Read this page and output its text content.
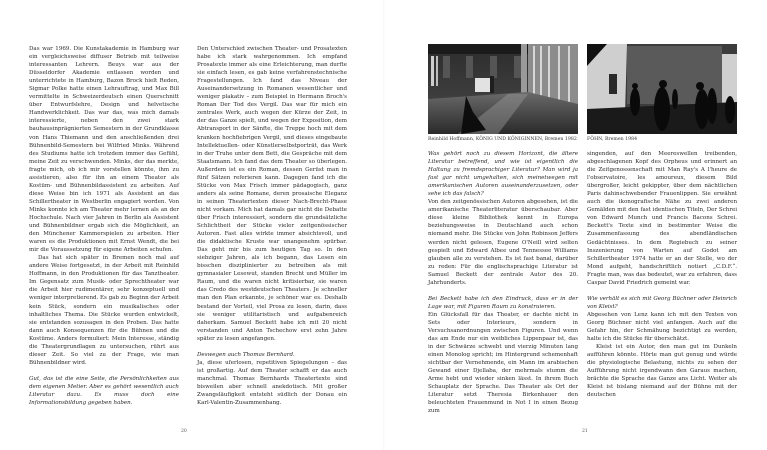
Das war 1969. Die Kunstakademie in Hamburg war ein vergleichsweise diffuser Betrieb mit teilweise interessanten Lehrern. Beuys war aus der Düsseldorfer Akademie entlassen worden und unterrichtete in Hamburg, Bazon Brock hielt Reden, Sigmar Polke hatte einen Lehrauftrag, und Max Bill vermittelte in Schweizerdeutsch einen Querschnitt über Entwurfslehre, Design und helvetische Handwerklichkeit. Das war das, was mich damals interessierte, neben den zwei stark bauhausinprägnierten Semestern in der Grundklasse von Hans Thiemann und den anschließenden drei Bühnenbild-Semestern bei Wilfried Minks. Während des Studiums hatte ich trotzdem immer das Gefühl, meine Zeit zu verschwenden. Minks, der das merkte, fragte mich, ob ich mir vorstellen könnte, ihm zu assistieren, also für ihn an einem Theater als Kostüm- und Bühnenbildassistent zu arbeiten. Auf diese Weise bin ich 1971 als Assistent an das Schillertheater in Westberlin engagiert worden. Von Minks konnte ich am Theater mehr lernen als an der Hochschule. Nach vier Jahren in Berlin als Assistent und Bühnenbildner ergab sich die Möglichkeit, an den Münchener Kammerspielen zu arbeiten. Hier waren es die Produktionen mit Ernst Wendt, die bei mir die Voraussetzung für eigene Arbeiten schufen.

Das hat sich später in Bremen noch mal auf andere Weise fortgesetzt, in der Arbeit mit Reinhild Hoffmann, in den Produktionen für das Tanztheater. Im Gegensatz zum Musik- oder Sprechtheater war die Arbeit hier rudimentärer, sehr konzeptuell und weniger interpretierend. Es gab zu Beginn der Arbeit kein Stück, sondern ein musikalisches oder inhaltliches Thema. Die Stücke wurden entwickelt, sie entstanden sozusagen in den Proben. Das hatte dann auch Konsequenzen für die Bühnen und die Kostüme. Anders formuliert: Mein Interesse, ständig die Theatergrundlagen zu untersuchen, rührt aus dieser Zeit. So viel zu der Frage, wie man Bühnenbildner wird.

Gut, das ist die eine Seite, die Persönlichkeiten aus dem eigenen Metier. Aber es gehört wesentlich auch Literatur dazu. Es muss doch eine Informationsbildung gegeben haben.

Den Unterschied zwischen Theater- und Prosatexten habe ich stark wahrgenommen. Ich empfand Prosatexte immer als eine Erleichterung, man durfte sie einfach lesen, es gab keine verfahrenstechnische Fragestellungen. Ich fand das Niveau der Auseinandersetzung in Romanen wesentlicher und weniger plakativ – zum Beispiel in Hermann Broch's Roman Der Tod des Vergil. Das war für mich ein zentrales Werk, auch wegen der Kürze der Zeit, in der das Ganze spielt, und wegen der Exposition, dem Abtransport in der Sänfte, die Treppe hoch mit dem kranken hochfiebrigen Vergil, und dieses eingebaute Intellektuellen- oder Künstlerselbstporträt, das Werk in der Truhe unter dem Bett, die Gespräche mit dem Staatsmann. Ich fand das dem Theater so überlegen. Außerdem ist es ein Roman, dessen Gerüst man in fünf Sätzen referieren kann. Dagegen fand ich die Stücke von Max Frisch immer pädagogisch, ganz anders als seine Romane, deren prosaische Eleganz in seinen Theatertexten dieser Nach-Brecht-Phase nicht vorkam. Mich hat damals gar nicht die Debatte über Frisch interessiert, sondern die grundsätzliche Schlichtheit der Stücke vieler zeitgenössischer Autoren. Fast alles wirkte immer absichtsvoll, und die didaktische Kruste war unangenehm spürbar. Das geht mir bis zum heutigen Tag so. In den siebziger Jahren, als ich begann, das Lesen ein bisschen disziplinierter zu betreiben als mit gymnasialer Lesewut, standen Brecht und Müller im Raum, und die waren nicht kritisierbar, sie waren das Credo des westdeutschen Theaters. Je schneller man den Plan erkannte, je schöner war es. Deshalb bestand der Vorteil, viel Prosa zu lesen, darin, dass sie weniger utilitaristisch und aufgabenreich daherkam. Samuel Beckett habe ich mit 20 nicht verstanden und Anton Tschechow erst zehn Jahre später zu lesen angefangen.

Deswegen auch Thomas Bernhard.

Ja, diese uferlosen, repetitiven Spiegelungen – das ist großartig. Auf dem Theater schafft er das auch manchmal. Thomas Bernhards Theatertexte sind bisweilen aber schnell anekdotisch. Mit großer Zwangsläufigkeit entsteht südlich der Donau ein Karl-Valentin-Zusammenhang.

20
Reinhild Hoffmann, KÖNIG UND KÖNIGINNEN, Bremen 1982 FÖHN, Bremen 1984

Was gehört noch zu diesem Horizont, die ältere Literatur betreffend, und wie ist eigentlich die Haltung zu fremdsprachiger Literatur? Man wird ja fast gar nicht umgehalten, sich meinetwegen mit amerikanischen Autoren auseinanderzusetzen, oder sehe ich das falsch?

Von den zeitgenössischen Autoren abgesehen, ist die amerikanische Theaterliteratur überschaubar. Aber diese kleine Bibliothek kennt in Europa beziehungsweise in Deutschland auch schon niemand mehr. Die Stücke von John Robinson Jeffers werden nicht gelesen, Eugene O'Neill wird selten gespielt und Edward Albee und Tennessee Williams glauben alle zu verstehen. Es ist fast banal, darüber zu reden: Für die englischsprachige Literatur ist Samuel Beckett der zentrale Autor des 20. Jahrhunderts.

Bei Beckett habe ich den Eindruck, dass er in der Lage war, mit Figuren Raum zu konstruieren.

Ein Glücksfall für das Theater, er dachte nicht in Sets oder Interieurs, sondern in Versuchsanordnungen zwischen Figuren. Und wenn das am Ende nur ein weibliches Lippenpaar ist, das in der Schwärze schwebt und vierzig Minuten lang einen Monolog spricht; im Hintergrund schemenhaft sichtbar der Vernehmende, ein Mann im arabischen Gewand einer Djellaba, der mehrmals stumm die Arme hebt und wieder sinken lässt. In ihrem Buch Schauplatz der Sprache. Das Theater als Ort der Literatur setzt Theresia Birkenhauer den beleuchteten Frauenmund in Not I in einen Bezug zum

singenden, auf den Meereswellen treibenden, abgeschlagenen Kopf des Orpheus und erinnert an die Zeitgenossenschaft mit Man Ray's A l'heure de l'observatoire, les amoureux, diesem Bild übergroßer, leicht gekippter, über dem nächtlichen Paris dahinschwebender Frauenlippen. Sie erwähnt auch die ikonografische Nähe zu zwei anderen Gemälden mit den fast identischen Titeln, Der Schrei von Edward Munch und Francis Bacons Schrei. Beckett's Texte sind in bestimmter Weise die Zusammenfassung des abendländischen Gedächtnisses. In dem Regiebuch zu seiner Inszenierung von Warten auf Godot am Schillertheater 1974 hatte er an der Stelle, wo der Mond aufgeht, handschriftlich notiert „C.D.F.“. Fragte man, was das bedeutet, war zu erfahren, dass Caspar David Friedrich gemeint war.

Wie verhält es sich mit Georg Büchner oder Heinrich von Kleist?

Abgesehen von Lenz kann ich mit den Texten von Georg Büchner nicht viel anfangen. Auch auf die Gefahr hin, der Schmähung bezichtigt zu werden, halte ich die Stücke für überschätzt.

Kleist ist ein Autor, den man gut im Dunkeln aufführen könnte. Hörte man gut genug und würde die physiologische Belastung, nichts zu sehen der Aufführung nicht irgendwann den Garaus machen, brächte die Sprache das Ganze ans Licht. Weiter als Kleist ist bislang niemand auf der Bühne mit der deutschen

21
